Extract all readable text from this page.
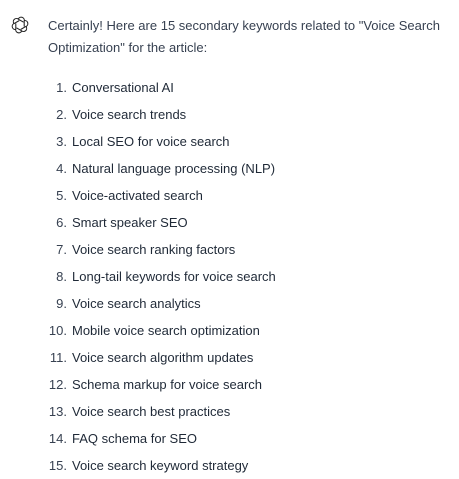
Certainly! Here are 15 secondary keywords related to "Voice Search Optimization" for the article:

1. Conversational AI
2. Voice search trends
3. Local SEO for voice search
4. Natural language processing (NLP)
5. Voice-activated search
6. Smart speaker SEO
7. Voice search ranking factors
8. Long-tail keywords for voice search
9. Voice search analytics
10. Mobile voice search optimization
11. Voice search algorithm updates
12. Schema markup for voice search
13. Voice search best practices
14. FAQ schema for SEO
15. Voice search keyword strategy
